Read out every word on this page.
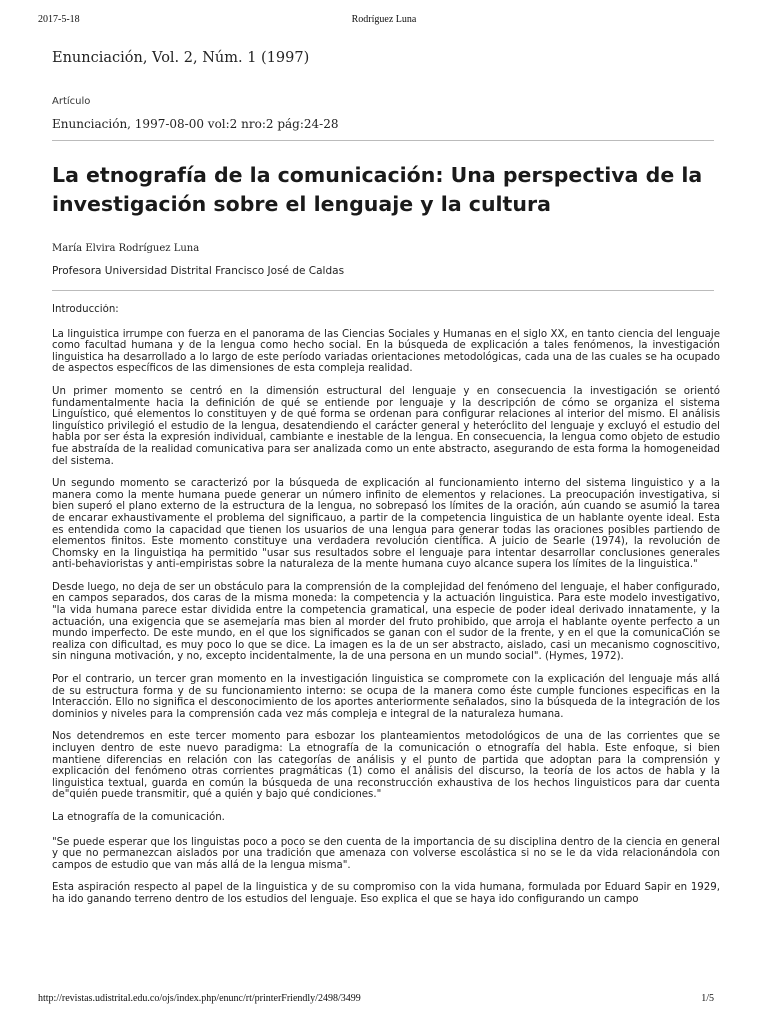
2017-5-18	Rodríguez Luna
Enunciación, Vol. 2, Núm. 1 (1997)
Artículo
Enunciación, 1997-08-00 vol:2 nro:2 pág:24-28
La etnografía de la comunicación: Una perspectiva de la investigación sobre el lenguaje y la cultura
María Elvira Rodríguez Luna
Profesora Universidad Distrital Francisco José de Caldas

Introducción:

La linguistica irrumpe con fuerza en el panorama de las Ciencias Sociales y Humanas en el siglo XX, en tanto ciencia del lenguaje como facultad humana y de la lengua como hecho social. En la búsqueda de explicación a tales fenómenos, la investigación linguistica ha desarrollado a lo largo de este período variadas orientaciones metodológicas, cada una de las cuales se ha ocupado de aspectos específicos de las dimensiones de esta compleja realidad.

Un primer momento se centró en la dimensión estructural del lenguaje y en consecuencia la investigación se orientó fundamentalmente hacia la definición de qué se entiende por lenguaje y la descripción de cómo se organiza el sistema Linguístico, qué elementos lo constituyen y de qué forma se ordenan para configurar relaciones al interior del mismo. El análisis linguístico privilegió el estudio de la lengua, desatendiendo el carácter general y heteróclito del lenguaje y excluyó el estudio del habla por ser ésta la expresión individual, cambiante e inestable de la lengua. En consecuencia, la lengua como objeto de estudio fue abstraída de la realidad comunicativa para ser analizada como un ente abstracto, asegurando de esta forma la homogeneidad del sistema.

Un segundo momento se caracterizó por la búsqueda de explicación al funcionamiento interno del sistema linguistico y a la manera como la mente humana puede generar un número infinito de elementos y relaciones. La preocupación investigativa, si bien superó el plano externo de la estructura de la lengua, no sobrepasó los límites de la oración, aún cuando se asumió la tarea de encarar exhaustivamente el problema del significauo, a partir de la competencia linguistica de un hablante oyente ideal. Esta es entendida como la capacidad que tienen los usuarios de una lengua para generar todas las oraciones posibles partiendo de elementos finitos. Este momento constituye una verdadera revolución científica. A juicio de Searle (1974), la revolución de Chomsky en la linguistiqa ha permitido "usar sus resultados sobre el lenguaje para intentar desarrollar conclusiones generales anti-behavioristas y anti-empiristas sobre la naturaleza de la mente humana cuyo alcance supera los límites de la linguistica."

Desde luego, no deja de ser un obstáculo para la comprensión de la complejidad del fenómeno del lenguaje, el haber configurado, en campos separados, dos caras de la misma moneda: la competencia y la actuación linguistica. Para este modelo investigativo, "la vida humana parece estar dividida entre la competencia gramatical, una especie de poder ideal derivado innatamente, y la actuación, una exigencia que se asemejaría mas bien al morder del fruto prohibido, que arroja el hablante oyente perfecto a un mundo imperfecto. De este mundo, en el que los significados se ganan con el sudor de la frente, y en el que la comunicaCión se realiza con dificultad, es muy poco lo que se dice. La imagen es la de un ser abstracto, aislado, casi un mecanismo cognoscitivo, sin ninguna motivación, y no, excepto incidentalmente, la de una persona en un mundo social". (Hymes, 1972).

Por el contrario, un tercer gran momento en la investigación linguistica se compromete con la explicación del lenguaje más allá de su estructura forma y de su funcionamiento interno: se ocupa de la manera como éste cumple funciones especificas en la Interacción. Ello no significa el desconocimiento de los aportes anteriormente señalados, sino la búsqueda de la integración de los dominios y niveles para la comprensión cada vez más compleja e integral de la naturaleza humana.

Nos detendremos en este tercer momento para esbozar los planteamientos metodológicos de una de las corrientes que se incluyen dentro de este nuevo paradigma: La etnografía de la comunicación o etnografía del habla. Este enfoque, si bien mantiene diferencias en relación con las categorías de análisis y el punto de partida que adoptan para la comprensión y explicación del fenómeno otras corrientes pragmáticas (1) como el análisis del discurso, la teoría de los actos de habla y la linguistica textual, guarda en común la búsqueda de una reconstrucción exhaustiva de los hechos linguisticos para dar cuenta de"quién puede transmitir, qué a quién y bajo qué condiciones."

La etnografía de la comunicación.

"Se puede esperar que los linguistas poco a poco se den cuenta de la importancia de su disciplina dentro de la ciencia en general y que no permanezcan aislados por una tradición que amenaza con volverse escolástica si no se le da vida relacionándola con campos de estudio que van más allá de la lengua misma".

Esta aspiración respecto al papel de la linguistica y de su compromiso con la vida humana, formulada por Eduard Sapir en 1929, ha ido ganando terreno dentro de los estudios del lenguaje. Eso explica el que se haya ido configurando un campo

http://revistas.udistrital.edu.co/ojs/index.php/enunc/rt/printerFriendly/2498/3499	1/5
